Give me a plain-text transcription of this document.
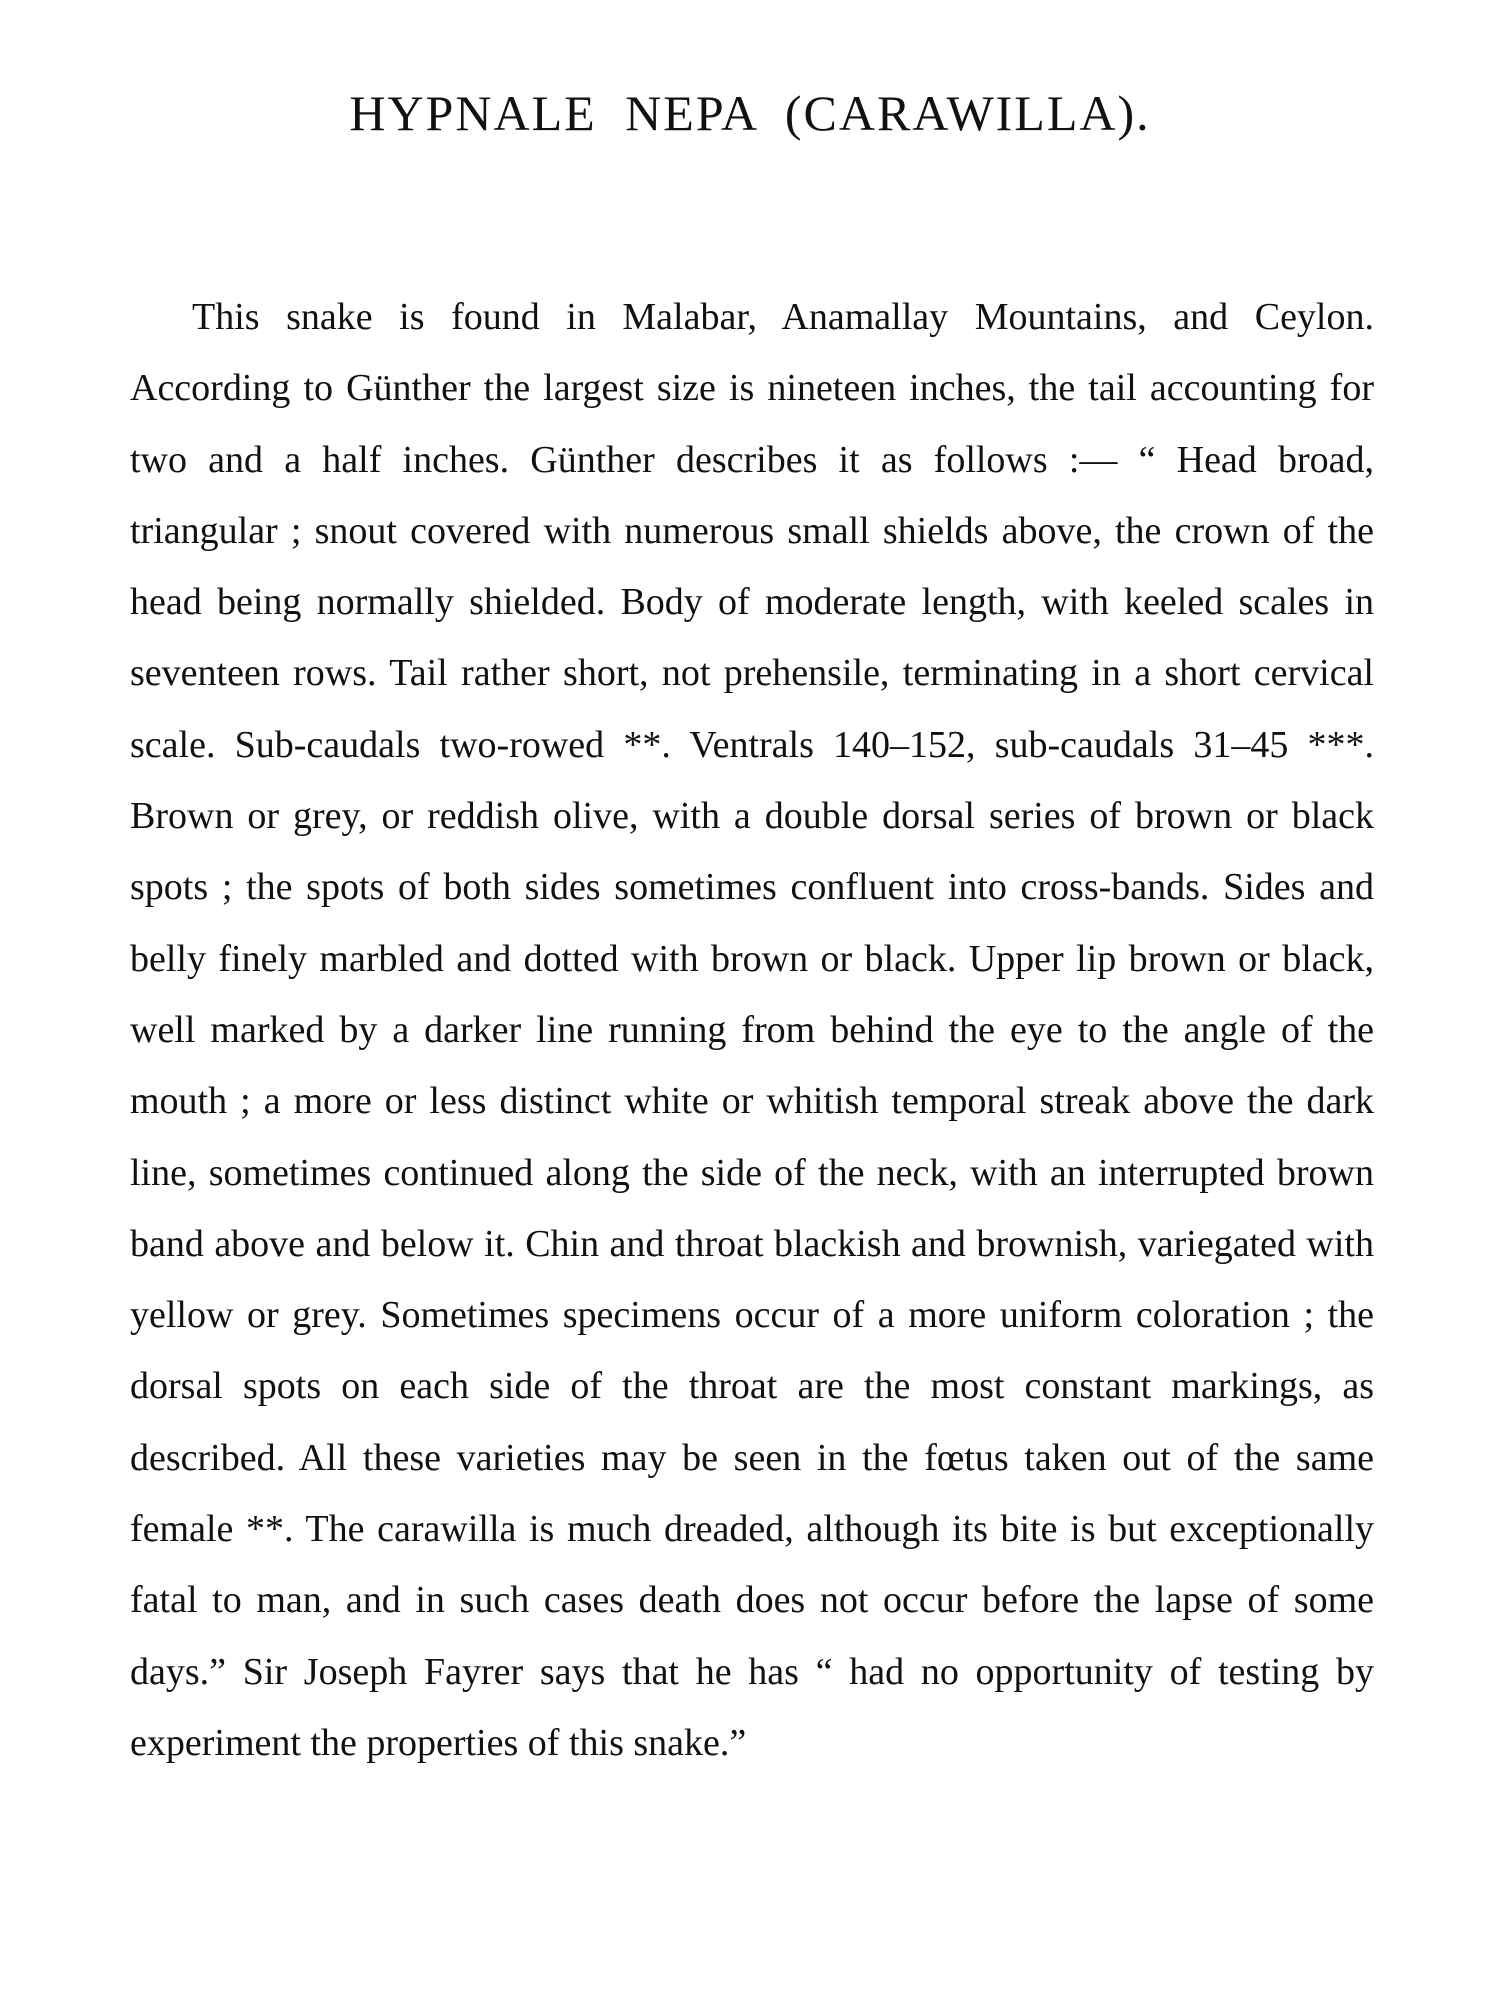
HYPNALE NEPA (CARAWILLA).

This snake is found in Malabar, Anamallay Mountains, and Ceylon. According to Günther the largest size is nineteen inches, the tail accounting for two and a half inches. Günther describes it as follows :— “ Head broad, triangular ; snout covered with numerous small shields above, the crown of the head being normally shielded. Body of moderate length, with keeled scales in seventeen rows. Tail rather short, not prehensile, terminating in a short cervical scale. Sub-caudals two-rowed **. Ventrals 140–152, sub-caudals 31–45 ***. Brown or grey, or reddish olive, with a double dorsal series of brown or black spots ; the spots of both sides sometimes confluent into cross-bands. Sides and belly finely marbled and dotted with brown or black. Upper lip brown or black, well marked by a darker line running from behind the eye to the angle of the mouth ; a more or less distinct white or whitish temporal streak above the dark line, sometimes continued along the side of the neck, with an interrupted brown band above and below it. Chin and throat blackish and brownish, variegated with yellow or grey. Sometimes specimens occur of a more uniform coloration ; the dorsal spots on each side of the throat are the most constant markings, as described. All these varieties may be seen in the fœtus taken out of the same female **. The carawilla is much dreaded, although its bite is but exceptionally fatal to man, and in such cases death does not occur before the lapse of some days.” Sir Joseph Fayrer says that he has “ had no opportunity of testing by experiment the properties of this snake.”
